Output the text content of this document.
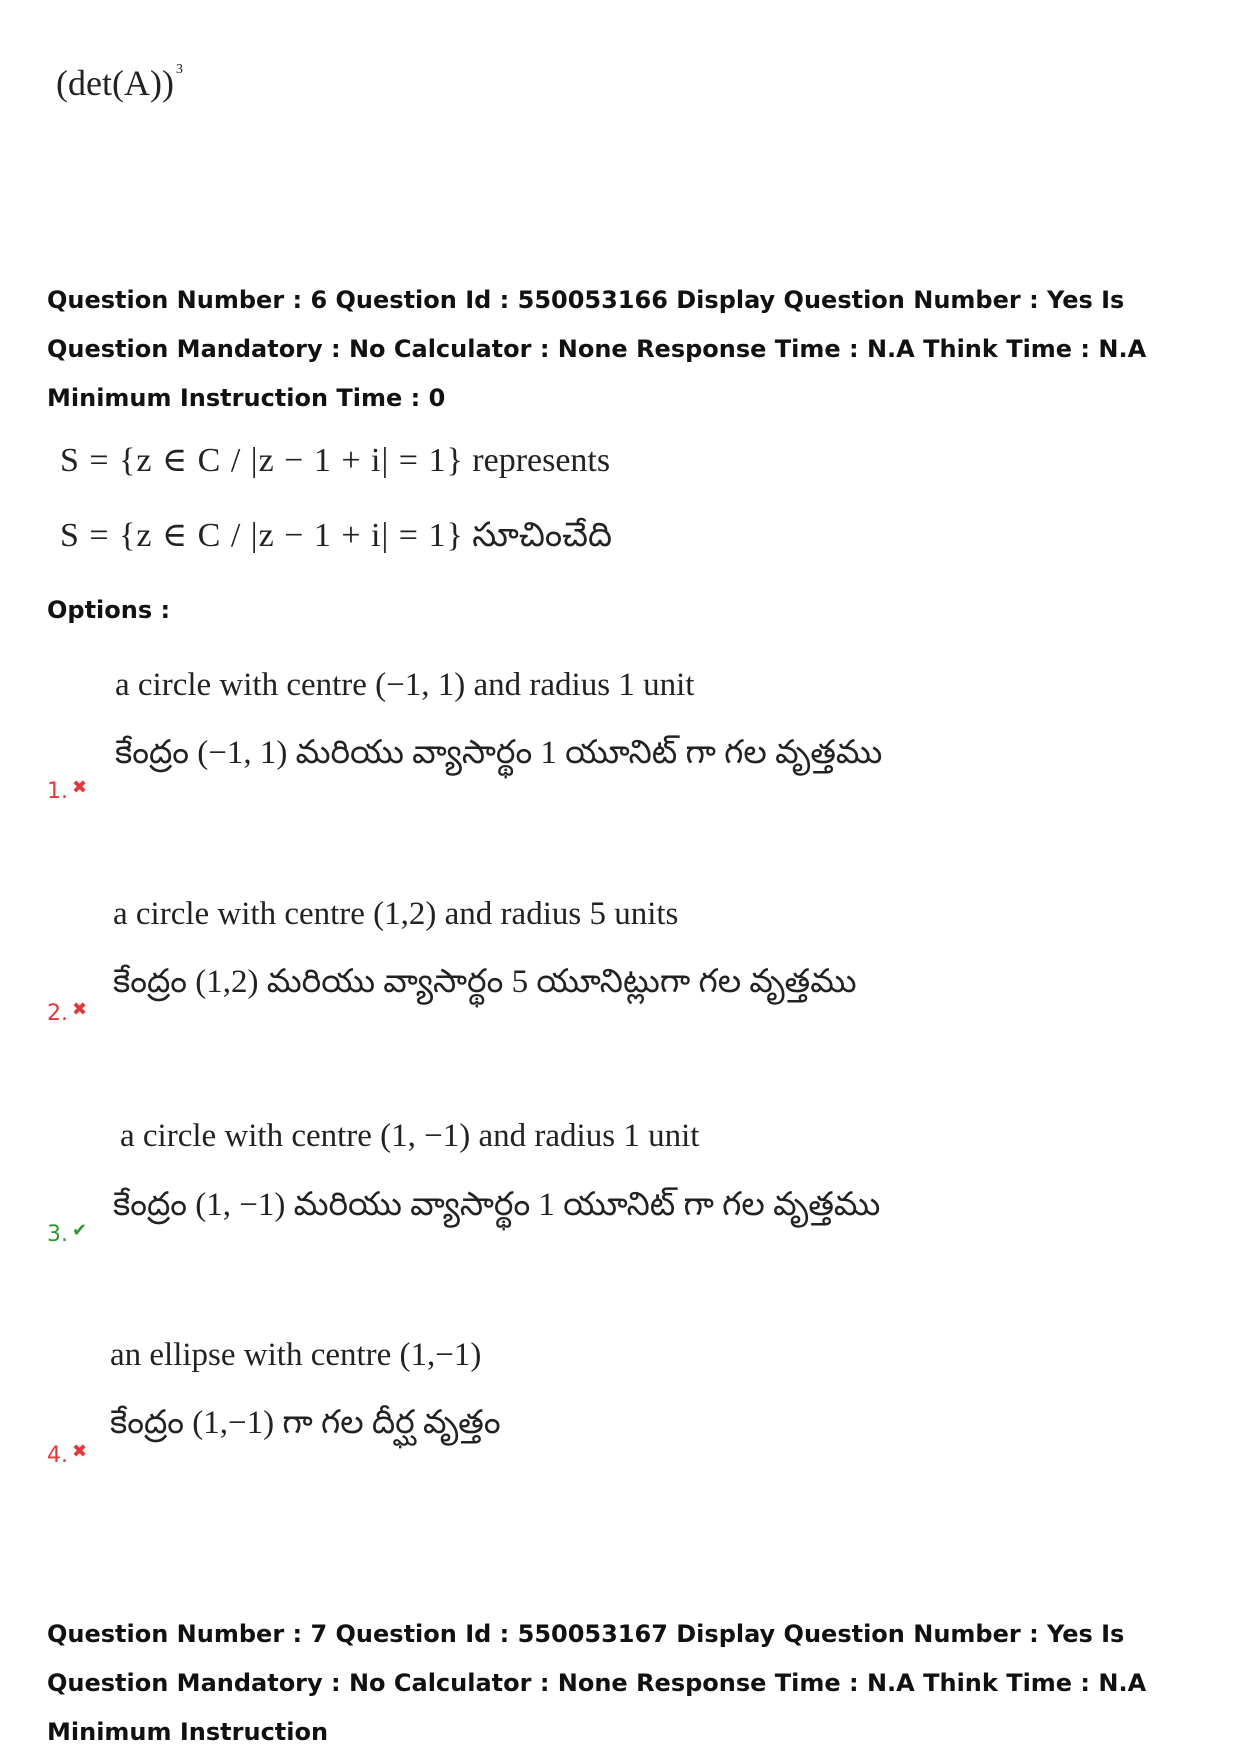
(det(A)) $^3$
Question Number : 6 Question Id : 550053166 Display Question Number : Yes Is Question Mandatory : No Calculator : None Response Time : N.A Think Time : N.A Minimum Instruction Time : 0
S = {z ∈ C / |z − 1 + i| = 1} represents
S = {z ∈ C / |z − 1 + i| = 1} సూచించేది
Options :
a circle with centre (−1, 1) and radius 1 unit
కేంద్రం (−1, 1) మరియు వ్యాసార్థం 1 యూనిట్ గా గల వృత్తము
1. ✖
a circle with centre (1,2) and radius 5 units
కేంద్రం (1,2) మరియు వ్యాసార్థం 5 యూనిట్లుగా గల వృత్తము
2. ✖
a circle with centre (1, −1) and radius 1 unit
కేంద్రం (1, −1) మరియు వ్యాసార్థం 1 యూనిట్ గా గల వృత్తము
3. ✔
an ellipse with centre (1,−1)
కేంద్రం (1,−1) గా గల దీర్ఘ వృత్తం
4. ✖
Question Number : 7 Question Id : 550053167 Display Question Number : Yes Is Question Mandatory : No Calculator : None Response Time : N.A Think Time : N.A Minimum Instruction
